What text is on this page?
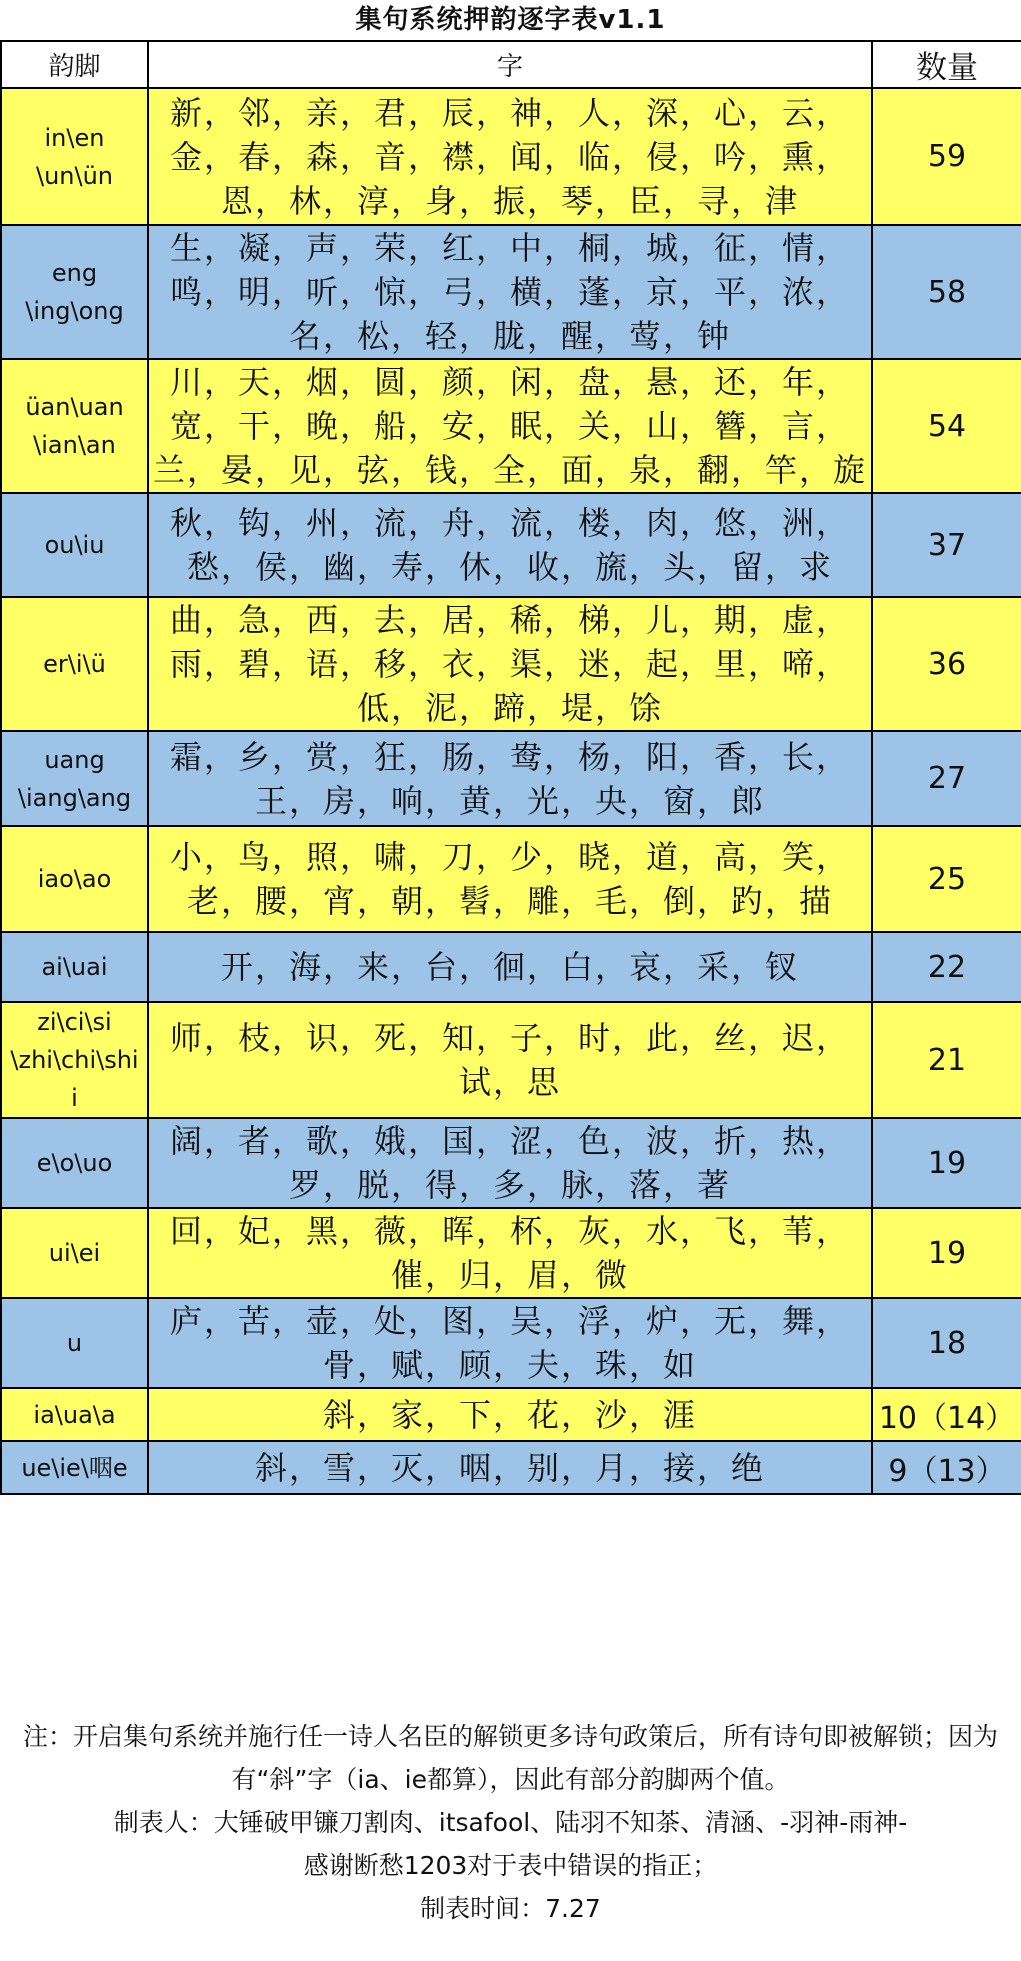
集句系统押韵逐字表v1.1
韵脚	字	数量
in\en
\un\ün	新，邻，亲，君，辰，神，人，深，心，云，金，春，森，音，襟，闻，临，侵，吟，熏，恩，林，淳，身，振，琴，臣，寻，津	59
eng
\ing\ong	生，凝，声，荣，红，中，桐，城，征，情，鸣，明，听，惊，弓，横，蓬，京，平，浓，名，松，轻，胧，醒，莺，钟	58
üan\uan
\ian\an	川，天，烟，圆，颜，闲，盘，悬，还，年，宽，干，晚，船，安，眠，关，山，簪，言，兰，晏，见，弦，钱，全，面，泉，翻，竿，旋	54
ou\iu	秋，钩，州，流，舟，流，楼，肉，悠，洲，愁，侯，幽，寿，休，收，旒，头，留，求	37
er\i\ü	曲，急，西，去，居，稀，梯，儿，期，虚，雨，碧，语，移，衣，渠，迷，起，里，啼，低，泥，蹄，堤，馀	36
uang
\iang\ang	霜，乡，赏，狂，肠，鸯，杨，阳，香，长，王，房，响，黄，光，央，窗，郎	27
iao\ao	小，鸟，照，啸，刀，少，晓，道，高，笑，老，腰，宵，朝，髫，雕，毛，倒，趵，描	25
ai\uai	开，海，来，台，徊，白，哀，采，钗	22
zi\ci\si
\zhi\chi\shi
i	师，枝，识，死，知，子，时，此，丝，迟，试，思	21
e\o\uo	阔，者，歌，娥，国，涩，色，波，折，热，罗，脱，得，多，脉，落，著	19
ui\ei	回，妃，黑，薇，晖，杯，灰，水，飞，苇，催，归，眉，微	19
u	庐，苦，壶，处，图，吴，浮，炉，无，舞，骨，赋，顾，夫，珠，如	18
ia\ua\a	斜，家，下，花，沙，涯	10（14）
ue\ie\咽e	斜，雪，灭，咽，别，月，接，绝	9（13）

注：开启集句系统并施行任一诗人名臣的解锁更多诗句政策后，所有诗句即被解锁；因为有“斜”字（ia、ie都算），因此有部分韵脚两个值。

制表人：大锤破甲镰刀割肉、itsafool、陆羽不知茶、清涵、-羽神-雨神-

感谢断愁1203对于表中错误的指正；

制表时间：7.27
